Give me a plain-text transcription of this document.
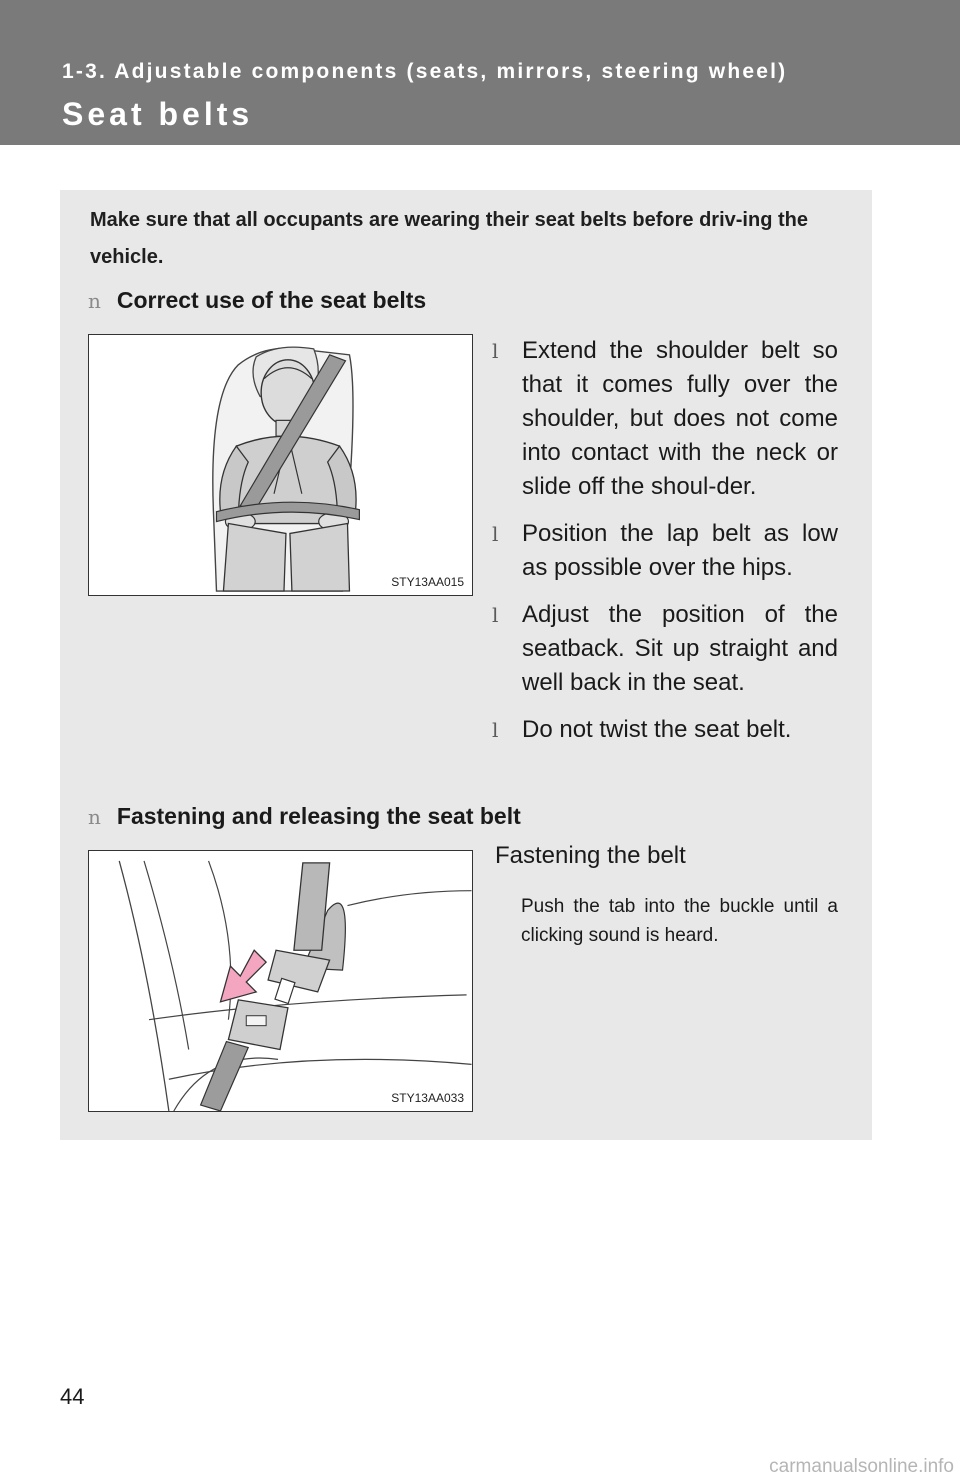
1-3. Adjustable components (seats, mirrors, steering wheel)
Seat belts
Make sure that all occupants are wearing their seat belts before driv-ing the vehicle.
n Correct use of the seat belts
STY13AA015
l Extend the shoulder belt so that it comes fully over the shoulder, but does not come into contact with the neck or slide off the shoul-der.
l Position the lap belt as low as possible over the hips.
l Adjust the position of the seatback. Sit up straight and well back in the seat.
l Do not twist the seat belt.
n Fastening and releasing the seat belt
STY13AA033
Fastening the belt
Push the tab into the buckle until a clicking sound is heard.
44
carmanualsonline.info
